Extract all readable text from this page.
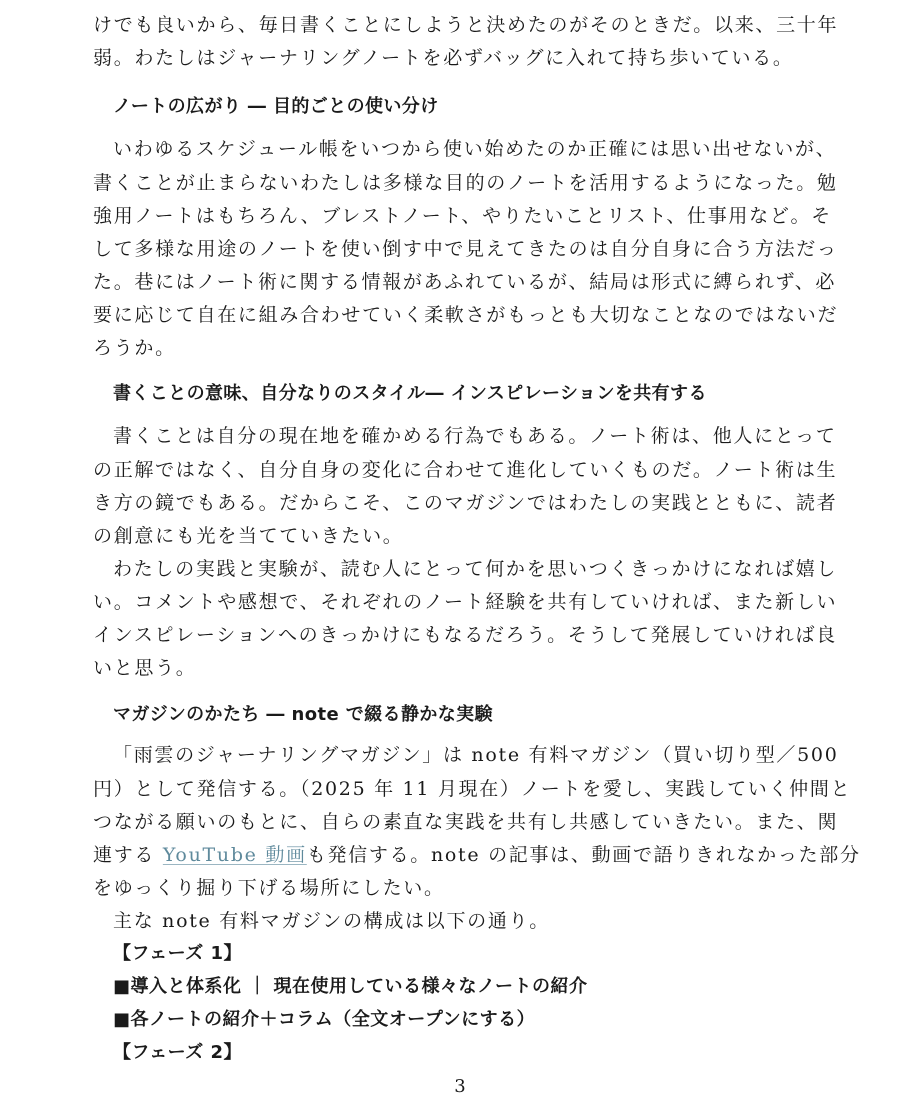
けでも良いから、毎日書くことにしようと決めたのがそのときだ。以来、三十年
弱。わたしはジャーナリングノートを必ずバッグに入れて持ち歩いている。
ノートの広がり ― 目的ごとの使い分け
いわゆるスケジュール帳をいつから使い始めたのか正確には思い出せないが、
書くことが止まらないわたしは多様な目的のノートを活用するようになった。勉
強用ノートはもちろん、ブレストノート、やりたいことリスト、仕事用など。そ
して多様な用途のノートを使い倒す中で見えてきたのは自分自身に合う方法だっ
た。巷にはノート術に関する情報があふれているが、結局は形式に縛られず、必
要に応じて自在に組み合わせていく柔軟さがもっとも大切なことなのではないだ
ろうか。
書くことの意味、自分なりのスタイル― インスピレーションを共有する
書くことは自分の現在地を確かめる行為でもある。ノート術は、他人にとって
の正解ではなく、自分自身の変化に合わせて進化していくものだ。ノート術は生
き方の鏡でもある。だからこそ、このマガジンではわたしの実践とともに、読者
の創意にも光を当てていきたい。
わたしの実践と実験が、読む人にとって何かを思いつくきっかけになれば嬉し
い。コメントや感想で、それぞれのノート経験を共有していければ、また新しい
インスピレーションへのきっかけにもなるだろう。そうして発展していければ良
いと思う。
マガジンのかたち ― note で綴る静かな実験
「雨雲のジャーナリングマガジン」は note 有料マガジン（買い切り型／500
円）として発信する。（2025 年 11 月現在）ノートを愛し、実践していく仲間と
つながる願いのもとに、自らの素直な実践を共有し共感していきたい。また、関
連する YouTube 動画も発信する。note の記事は、動画で語りきれなかった部分
をゆっくり掘り下げる場所にしたい。
主な note 有料マガジンの構成は以下の通り。
【フェーズ 1】
■導入と体系化 ｜ 現在使用している様々なノートの紹介
■各ノートの紹介＋コラム（全文オープンにする）
【フェーズ 2】
3
